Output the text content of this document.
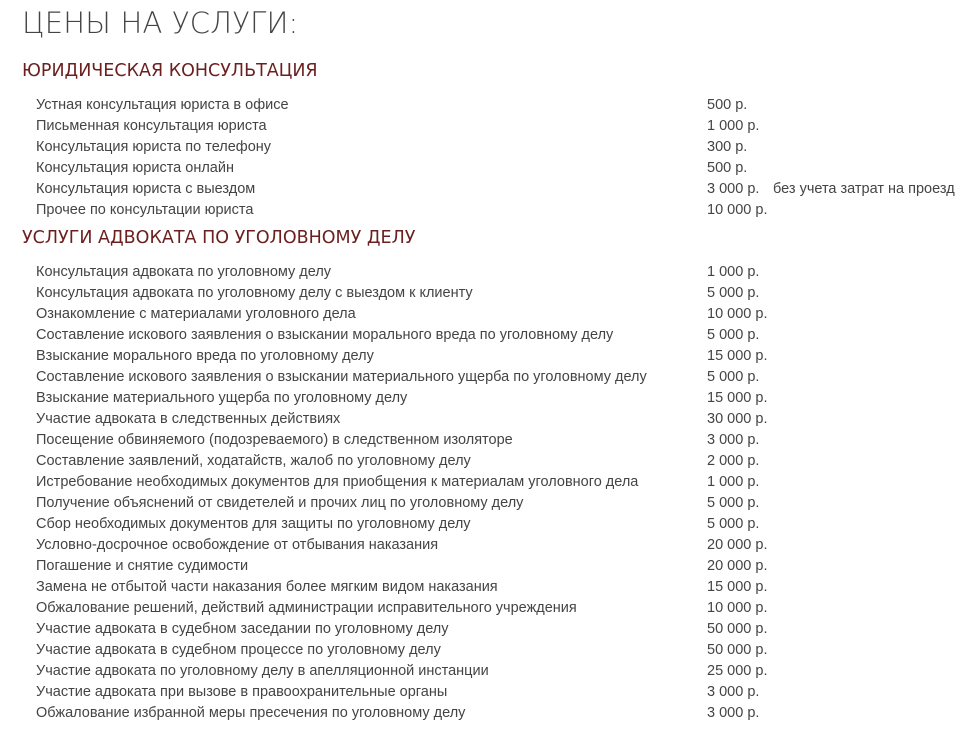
ЦЕНЫ НА УСЛУГИ:
ЮРИДИЧЕСКАЯ КОНСУЛЬТАЦИЯ
Устная консультация юриста в офисе	500 р.	
Письменная консультация юриста	1 000 р.	
Консультация юриста по телефону	300 р.	
Консультация юриста онлайн	500 р.	
Консультация юриста с выездом	3 000 р.	без учета затрат на проезд
Прочее по консультации юриста	10 000 р.	
УСЛУГИ АДВОКАТА ПО УГОЛОВНОМУ ДЕЛУ
Консультация адвоката по уголовному делу	1 000 р.
Консультация адвоката по уголовному делу с выездом к клиенту	5 000 р.
Ознакомление с материалами уголовного дела	10 000 р.
Составление искового заявления о взыскании морального вреда по уголовному делу	5 000 р.
Взыскание морального вреда по уголовному делу	15 000 р.
Составление искового заявления о взыскании материального ущерба по уголовному делу	5 000 р.
Взыскание материального ущерба по уголовному делу	15 000 р.
Участие адвоката в следственных действиях	30 000 р.
Посещение обвиняемого (подозреваемого) в следственном изоляторе	3 000 р.
Составление заявлений, ходатайств, жалоб по уголовному делу	2 000 р.
Истребование необходимых документов для приобщения к материалам уголовного дела	1 000 р.
Получение объяснений от свидетелей и прочих лиц по уголовному делу	5 000 р.
Сбор необходимых документов для защиты по уголовному делу	5 000 р.
Условно-досрочное освобождение от отбывания наказания	20 000 р.
Погашение и снятие судимости	20 000 р.
Замена не отбытой части наказания более мягким видом наказания	15 000 р.
Обжалование решений, действий администрации исправительного учреждения	10 000 р.
Участие адвоката в судебном заседании по уголовному делу	50 000 р.
Участие адвоката в судебном процессе по уголовному делу	50 000 р.
Участие адвоката по уголовному делу в апелляционной инстанции	25 000 р.
Участие адвоката при вызове в правоохранительные органы	3 000 р.
Обжалование избранной меры пресечения по уголовному делу	3 000 р.
